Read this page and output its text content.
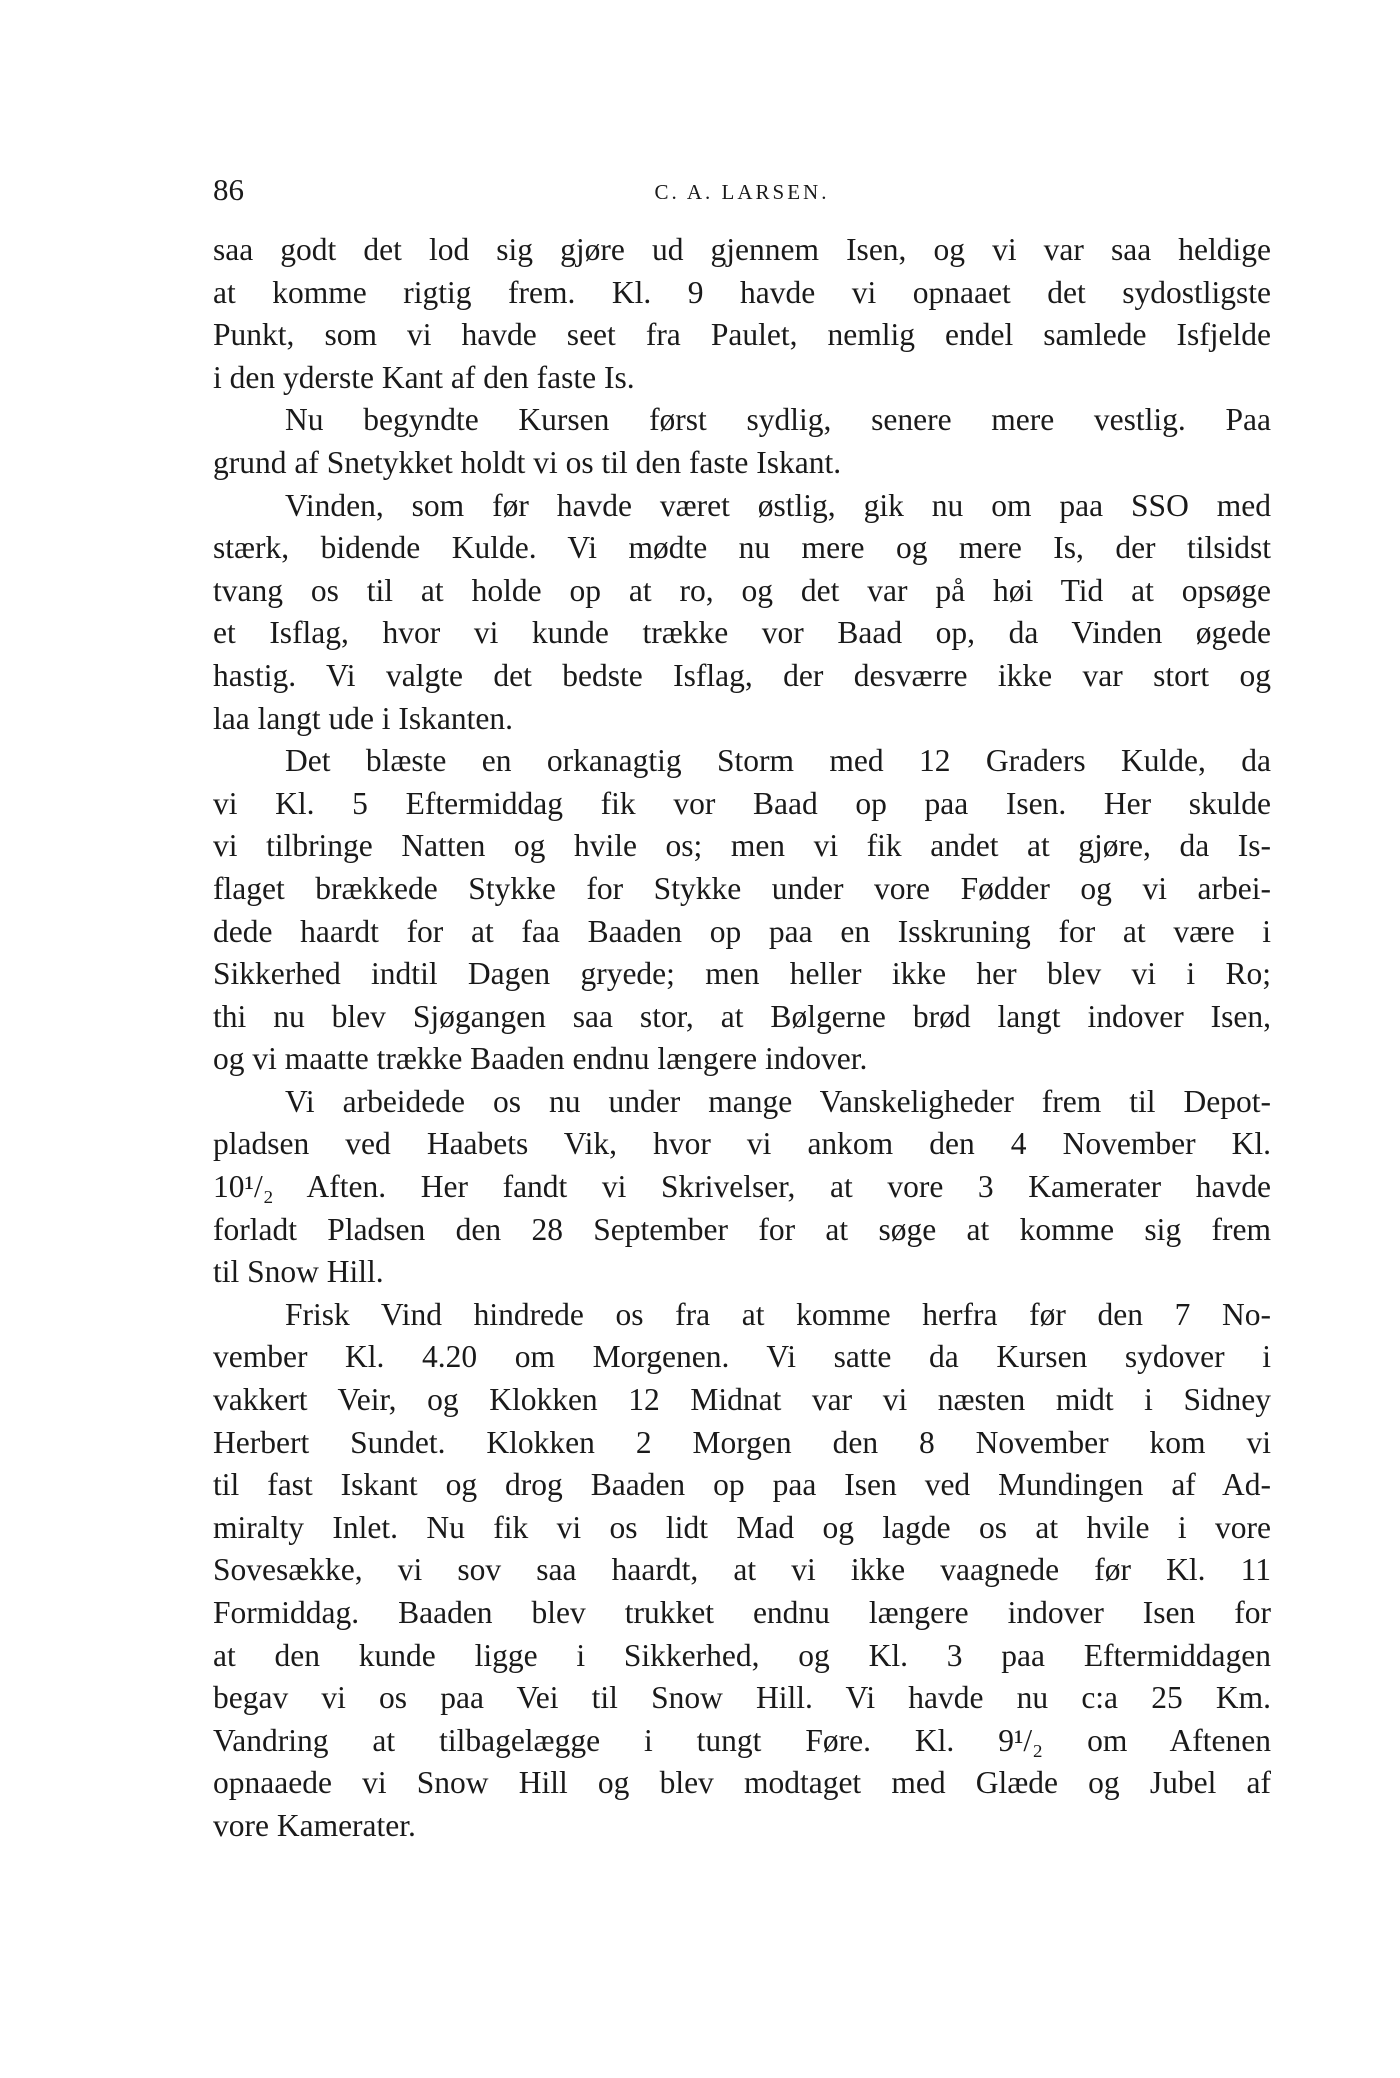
86	C. A. LARSEN.

saa godt det lod sig gjøre ud gjennem Isen, og vi var saa heldige
at komme rigtig frem. Kl. 9 havde vi opnaaet det sydostligste
Punkt, som vi havde seet fra Paulet, nemlig endel samlede Isfjelde
i den yderste Kant af den faste Is.

Nu begyndte Kursen først sydlig, senere mere vestlig. Paa
grund af Snetykket holdt vi os til den faste Iskant.

Vinden, som før havde været østlig, gik nu om paa SSO med
stærk, bidende Kulde. Vi mødte nu mere og mere Is, der tilsidst
tvang os til at holde op at ro, og det var på høi Tid at opsøge
et Isflag, hvor vi kunde trække vor Baad op, da Vinden øgede
hastig. Vi valgte det bedste Isflag, der desværre ikke var stort og
laa langt ude i Iskanten.

Det blæste en orkanagtig Storm med 12 Graders Kulde, da
vi Kl. 5 Eftermiddag fik vor Baad op paa Isen. Her skulde
vi tilbringe Natten og hvile os; men vi fik andet at gjøre, da Is-
flaget brækkede Stykke for Stykke under vore Fødder og vi arbei-
dede haardt for at faa Baaden op paa en Isskruning for at være i
Sikkerhed indtil Dagen gryede; men heller ikke her blev vi i Ro;
thi nu blev Sjøgangen saa stor, at Bølgerne brød langt indover Isen,
og vi maatte trække Baaden endnu længere indover.

Vi arbeidede os nu under mange Vanskeligheder frem til Depot-
pladsen ved Haabets Vik, hvor vi ankom den 4 November Kl.
10¹/₂ Aften. Her fandt vi Skrivelser, at vore 3 Kamerater havde
forladt Pladsen den 28 September for at søge at komme sig frem
til Snow Hill.

Frisk Vind hindrede os fra at komme herfra før den 7 No-
vember Kl. 4.20 om Morgenen. Vi satte da Kursen sydover i
vakkert Veir, og Klokken 12 Midnat var vi næsten midt i Sidney
Herbert Sundet. Klokken 2 Morgen den 8 November kom vi
til fast Iskant og drog Baaden op paa Isen ved Mundingen af Ad-
miralty Inlet. Nu fik vi os lidt Mad og lagde os at hvile i vore
Sovesække, vi sov saa haardt, at vi ikke vaagnede før Kl. 11
Formiddag. Baaden blev trukket endnu længere indover Isen for
at den kunde ligge i Sikkerhed, og Kl. 3 paa Eftermiddagen
begav vi os paa Vei til Snow Hill. Vi havde nu c:a 25 Km.
Vandring at tilbagelægge i tungt Føre. Kl. 9¹/₂ om Aftenen
opnaaede vi Snow Hill og blev modtaget med Glæde og Jubel af
vore Kamerater.
